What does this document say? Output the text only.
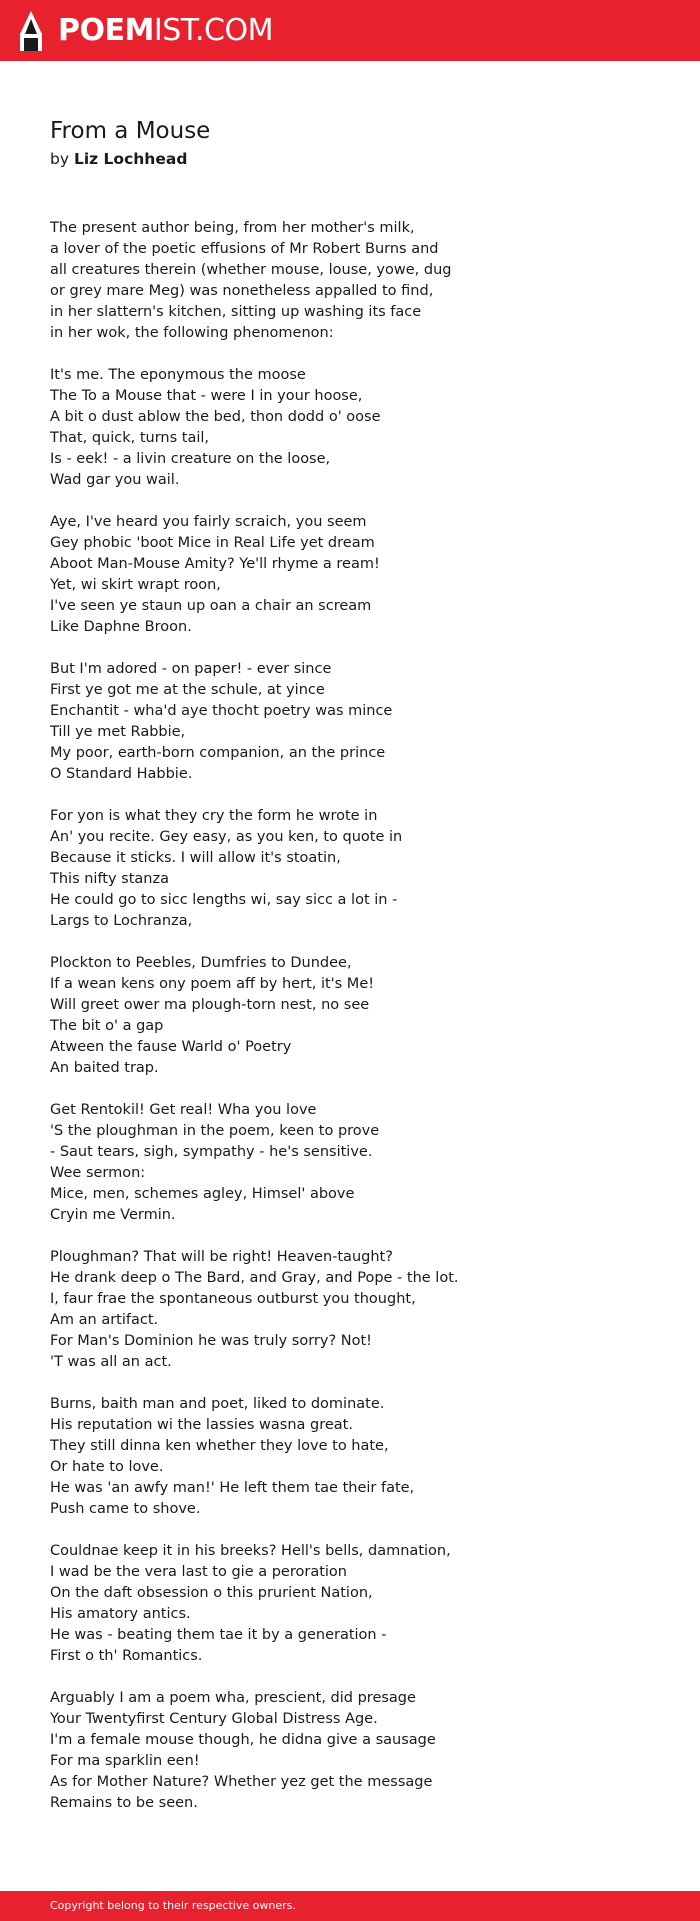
POEMIST.COM
From a Mouse
by Liz Lochhead
The present author being, from her mother's milk,
a lover of the poetic effusions of Mr Robert Burns and
all creatures therein (whether mouse, louse, yowe, dug
or grey mare Meg) was nonetheless appalled to find,
in her slattern's kitchen, sitting up washing its face
in her wok, the following phenomenon:
It's me. The eponymous the moose
The To a Mouse that - were I in your hoose,
A bit o dust ablow the bed, thon dodd o' oose
That, quick, turns tail,
Is - eek! - a livin creature on the loose,
Wad gar you wail.
Aye, I've heard you fairly scraich, you seem
Gey phobic 'boot Mice in Real Life yet dream
Aboot Man-Mouse Amity? Ye'll rhyme a ream!
Yet, wi skirt wrapt roon,
I've seen ye staun up oan a chair an scream
Like Daphne Broon.
But I'm adored - on paper! - ever since
First ye got me at the schule, at yince
Enchantit - wha'd aye thocht poetry was mince
Till ye met Rabbie,
My poor, earth-born companion, an the prince
O Standard Habbie.
For yon is what they cry the form he wrote in
An' you recite. Gey easy, as you ken, to quote in
Because it sticks. I will allow it's stoatin,
This nifty stanza
He could go to sicc lengths wi, say sicc a lot in -
Largs to Lochranza,
Plockton to Peebles, Dumfries to Dundee,
If a wean kens ony poem aff by hert, it's Me!
Will greet ower ma plough-torn nest, no see
The bit o' a gap
Atween the fause Warld o' Poetry
An baited trap.
Get Rentokil! Get real! Wha you love
'S the ploughman in the poem, keen to prove
- Saut tears, sigh, sympathy - he's sensitive.
Wee sermon:
Mice, men, schemes agley, Himsel' above
Cryin me Vermin.
Ploughman? That will be right! Heaven-taught?
He drank deep o The Bard, and Gray, and Pope - the lot.
I, faur frae the spontaneous outburst you thought,
Am an artifact.
For Man's Dominion he was truly sorry? Not!
'T was all an act.
Burns, baith man and poet, liked to dominate.
His reputation wi the lassies wasna great.
They still dinna ken whether they love to hate,
Or hate to love.
He was 'an awfy man!' He left them tae their fate,
Push came to shove.
Couldnae keep it in his breeks? Hell's bells, damnation,
I wad be the vera last to gie a peroration
On the daft obsession o this prurient Nation,
His amatory antics.
He was - beating them tae it by a generation -
First o th' Romantics.
Arguably I am a poem wha, prescient, did presage
Your Twentyfirst Century Global Distress Age.
I'm a female mouse though, he didna give a sausage
For ma sparklin een!
As for Mother Nature? Whether yez get the message
Remains to be seen.
Copyright belong to their respective owners.
